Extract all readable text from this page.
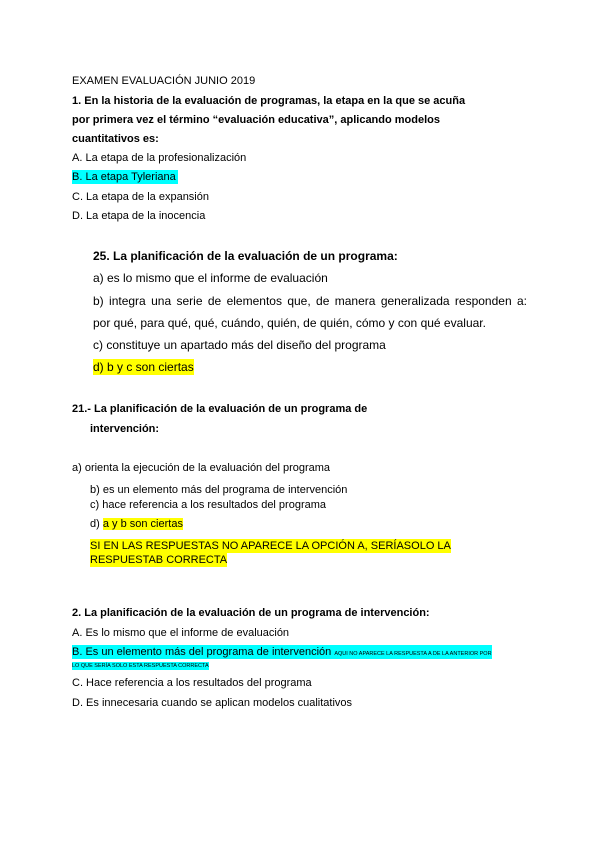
EXAMEN EVALUACIÓN JUNIO 2019
1. En la historia de la evaluación de programas, la etapa en la que se acuña
por primera vez el término “evaluación educativa”, aplicando modelos
cuantitativos es:
A. La etapa de la profesionalización
B. La etapa Tyleriana
C. La etapa de la expansión
D. La etapa de la inocencia
25. La planificación de la evaluación de un programa:
a) es lo mismo que el informe de evaluación
b) integra una serie de elementos que, de manera generalizada responden a:
por qué, para qué, qué, cuándo, quién, de quién, cómo y con qué evaluar.
c) constituye un apartado más del diseño del programa
d) b y c son ciertas
21.- La planificación de la evaluación de un programa de
intervención:
a) orienta la ejecución de la evaluación del programa
b) es un elemento más del programa de intervención
c) hace referencia a los resultados del programa
d) a y b son ciertas
SI EN LAS RESPUESTAS NO APARECE LA OPCIÓN A, SERÍASOLO LA
RESPUESTAB CORRECTA
2. La planificación de la evaluación de un programa de intervención:
A. Es lo mismo que el informe de evaluación
B. Es un elemento más del programa de intervención AQUI NO APARECE LA RESPUESTA A DE LA ANTERIOR POR
LO QUE SERÍA SOLO ESTA RESPUESTA CORRECTA
C. Hace referencia a los resultados del programa
D. Es innecesaria cuando se aplican modelos cualitativos
